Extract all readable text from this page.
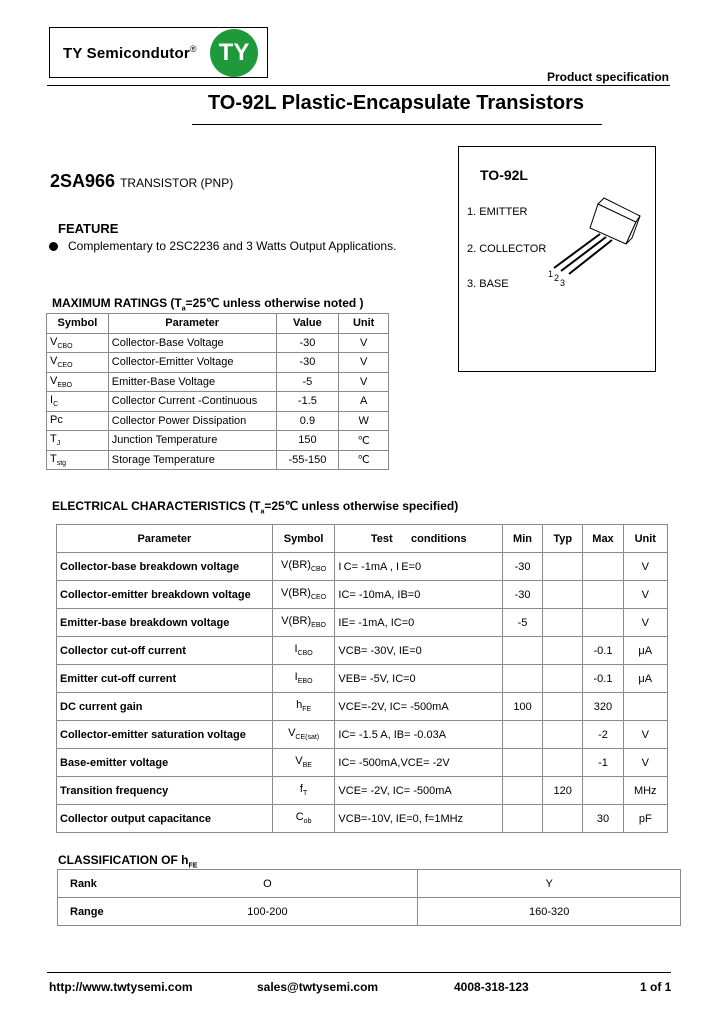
TY Semicondutor® TY
Product specification
TO-92L Plastic-Encapsulate Transistors
TO-92L
1. EMITTER
2. COLLECTOR
3. BASE
1 2 3
2SA966 TRANSISTOR (PNP)
FEATURE
Complementary to 2SC2236 and 3 Watts Output Applications.
MAXIMUM RATINGS ($T_a=25℃$ unless otherwise noted )
Symbol	Parameter	Value	Unit
$V_{CBO}$	Collector-Base Voltage	-30	V
$V_{CEO}$	Collector-Emitter Voltage	-30	V
$V_{EBO}$	Emitter-Base Voltage	-5	V
$I_C$	Collector Current -Continuous	-1.5	A
Pc	Collector Power Dissipation	0.9	W
$T_J$	Junction Temperature	150	℃
$T_{stg}$	Storage Temperature	-55-150	℃
ELECTRICAL CHARACTERISTICS ($T_a=25℃$ unless otherwise specified)
Parameter	Symbol	Test      conditions	Min	Typ	Max	Unit
Collector-base breakdown voltage	$V(BR)_{CBO}$	I C= -1mA , I E=0	-30			V
Collector-emitter breakdown voltage	$V(BR)_{CEO}$	IC= -10mA, IB=0	-30			V
Emitter-base breakdown voltage	$V(BR)_{EBO}$	IE= -1mA, IC=0	-5			V
Collector cut-off current	$I_{CBO}$	VCB= -30V, IE=0			-0.1	μA
Emitter cut-off current	$I_{EBO}$	VEB= -5V, IC=0			-0.1	μA
DC current gain	$h_{FE}$	VCE=-2V, IC= -500mA	100		320	
Collector-emitter saturation voltage	$V_{CE(sat)}$	IC= -1.5 A, IB= -0.03A			-2	V
Base-emitter voltage	$V_{BE}$	IC= -500mA,VCE= -2V			-1	V
Transition frequency	$f_T$	VCE= -2V, IC= -500mA		120		MHz
Collector output capacitance	$C_{ob}$	VCB=-10V, IE=0, f=1MHz			30	pF
CLASSIFICATION OF $h_{FE}$
Rank	O	Y
Range	100-200	160-320
http://www.twtysemi.com	sales@twtysemi.com	4008-318-123	1 of 1
